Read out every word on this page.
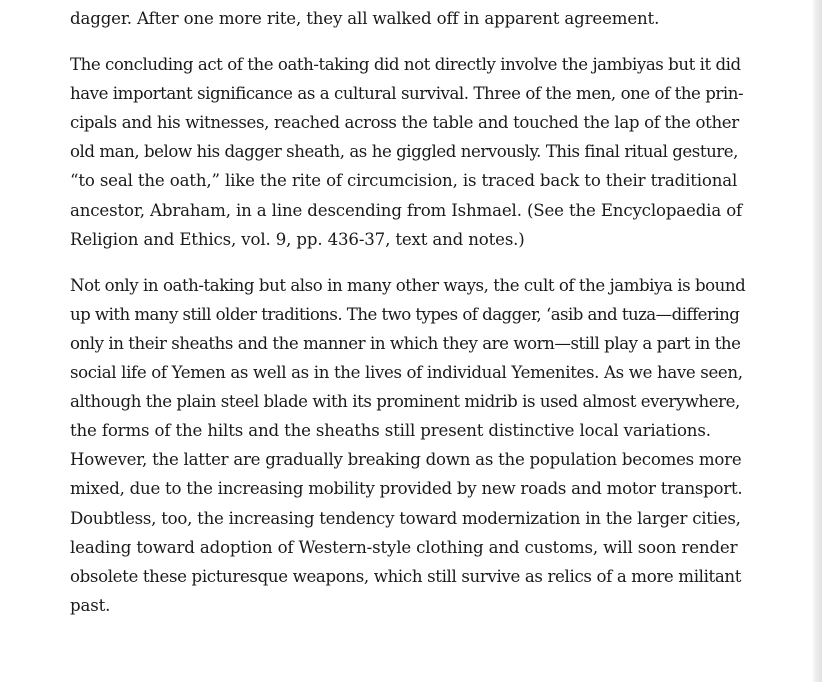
dagger. After one more rite, they all walked off in apparent agreement.

The concluding act of the oath-taking did not directly involve the jambiyas but it did
have important significance as a cultural survival. Three of the men, one of the prin-
cipals and his witnesses, reached across the table and touched the lap of the other
old man, below his dagger sheath, as he giggled nervously. This final ritual gesture,
“to seal the oath,” like the rite of circumcision, is traced back to their traditional
ancestor, Abraham, in a line descending from Ishmael. (See the Encyclopaedia of
Religion and Ethics, vol. 9, pp. 436-37, text and notes.)

Not only in oath-taking but also in many other ways, the cult of the jambiya is bound
up with many still older traditions. The two types of dagger, ‘asib and tuza—differing
only in their sheaths and the manner in which they are worn—still play a part in the
social life of Yemen as well as in the lives of individual Yemenites. As we have seen,
although the plain steel blade with its prominent midrib is used almost everywhere,
the forms of the hilts and the sheaths still present distinctive local variations.
However, the latter are gradually breaking down as the population becomes more
mixed, due to the increasing mobility provided by new roads and motor transport.
Doubtless, too, the increasing tendency toward modernization in the larger cities,
leading toward adoption of Western-style clothing and customs, will soon render
obsolete these picturesque weapons, which still survive as relics of a more militant
past.
